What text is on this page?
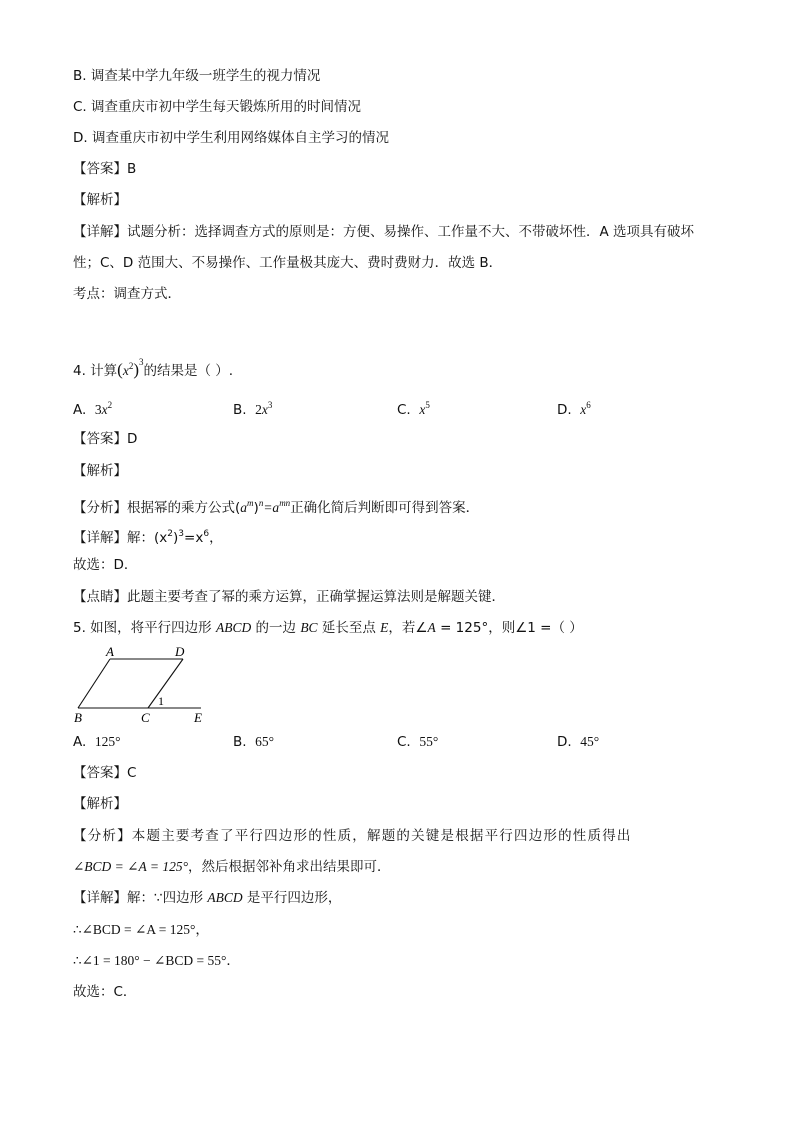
B. 调查某中学九年级一班学生的视力情况
C. 调查重庆市初中学生每天锻炼所用的时间情况
D. 调查重庆市初中学生利用网络媒体自主学习的情况
【答案】B
【解析】
【详解】试题分析：选择调查方式的原则是：方便、易操作、工作量不大、不带破坏性．A 选项具有破坏
性；C、D 范围大、不易操作、工作量极其庞大、费时费财力．故选 B．
考点：调查方式．
4. 计算$(x^2)^3$的结果是（ ）.
A. $3x^2$	B. $2x^3$	C. $x^5$	D. $x^6$
【答案】D
【解析】
【分析】根据幂的乘方公式$(a^m)^n=a^{mn}$正确化简后判断即可得到答案．
【详解】解：$(x^2)^3=x^6$，
故选：D．
【点睛】此题主要考查了幂的乘方运算，正确掌握运算法则是解题关键．
5. 如图，将平行四边形 ABCD 的一边 BC 延长至点 E，若∠A = 125°，则∠1 =（ ）
A	D
B	C	E
1
A. 125°	B. 65°	C. 55°	D. 45°
【答案】C
【解析】
【分析】本题主要考查了平行四边形的性质，解题的关键是根据平行四边形的性质得出
∠BCD = ∠A = 125°，然后根据邻补角求出结果即可．
【详解】解：∵四边形 ABCD 是平行四边形，
∴∠BCD = ∠A = 125°，
∴∠1 = 180° − ∠BCD = 55°．
故选：C．
